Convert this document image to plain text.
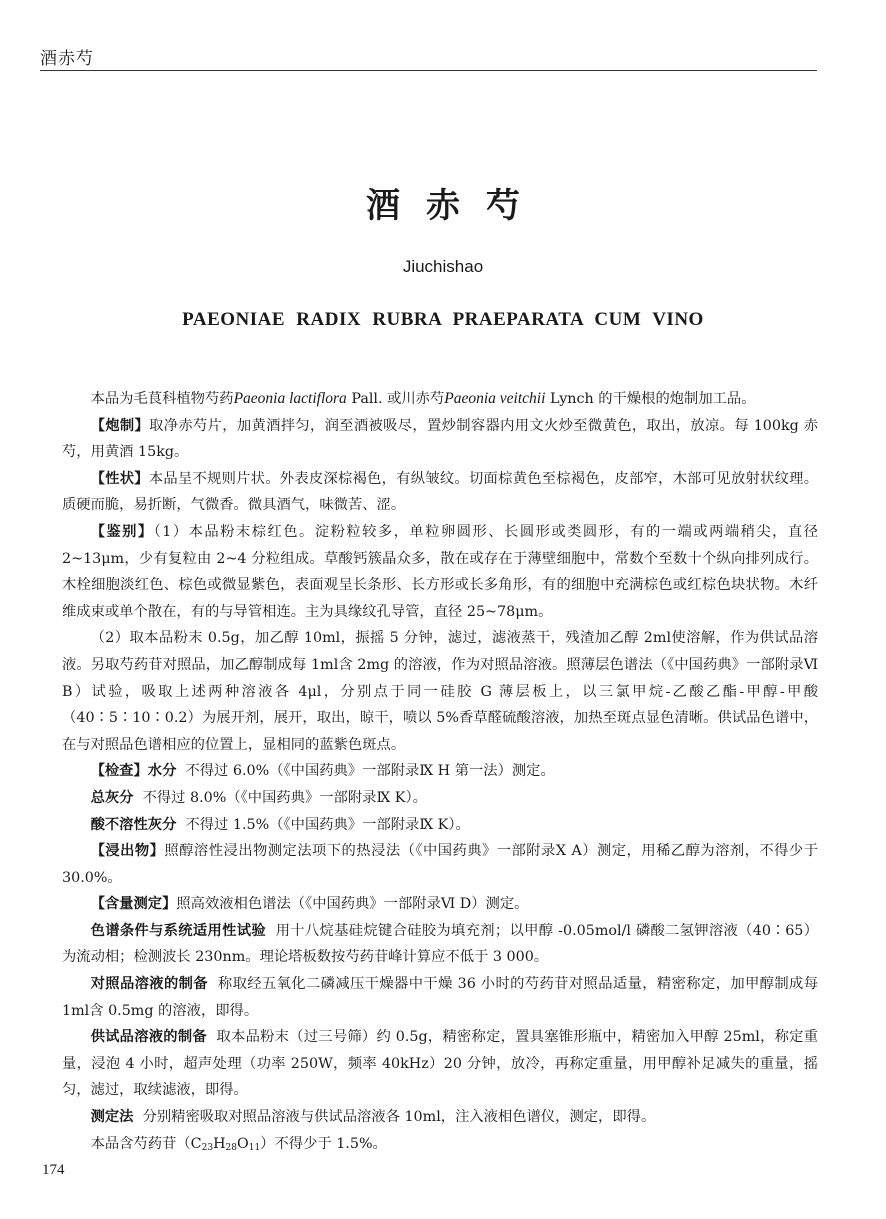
酒赤芍
酒赤芍
Jiuchishao
PAEONIAE RADIX RUBRA PRAEPARATA CUM VINO

本品为毛茛科植物芍药Paeonia lactiflora Pall. 或川赤芍Paeonia veitchii Lynch 的干燥根的炮制加工品。

【炮制】取净赤芍片，加黄酒拌匀，润至酒被吸尽，置炒制容器内用文火炒至微黄色，取出，放凉。每 100kg 赤芍，用黄酒 15kg。

【性状】本品呈不规则片状。外表皮深棕褐色，有纵皱纹。切面棕黄色至棕褐色，皮部窄，木部可见放射状纹理。质硬而脆，易折断，气微香。微具酒气，味微苦、涩。

【鉴别】（1）本品粉末棕红色。淀粉粒较多，单粒卵圆形、长圆形或类圆形，有的一端或两端稍尖，直径 2~13μm，少有复粒由 2~4 分粒组成。草酸钙簇晶众多，散在或存在于薄壁细胞中，常数个至数十个纵向排列成行。木栓细胞淡红色、棕色或微显紫色，表面观呈长条形、长方形或长多角形，有的细胞中充满棕色或红棕色块状物。木纤维成束或单个散在，有的与导管相连。主为具缘纹孔导管，直径 25~78μm。

（2）取本品粉末 0.5g，加乙醇 10ml，振摇 5 分钟，滤过，滤液蒸干，残渣加乙醇 2ml使溶解，作为供试品溶液。另取芍药苷对照品，加乙醇制成每 1ml含 2mg 的溶液，作为对照品溶液。照薄层色谱法（《中国药典》一部附录Ⅵ B）试验，吸取上述两种溶液各 4μl，分别点于同一硅胶 G 薄层板上，以三氯甲烷-乙酸乙酯-甲醇-甲酸（40∶5∶10∶0.2）为展开剂，展开，取出，晾干，喷以 5%香草醛硫酸溶液，加热至斑点显色清晰。供试品色谱中，在与对照品色谱相应的位置上，显相同的蓝紫色斑点。

【检查】水分 不得过 6.0%（《中国药典》一部附录Ⅸ H 第一法）测定。

总灰分 不得过 8.0%（《中国药典》一部附录Ⅸ K）。

酸不溶性灰分 不得过 1.5%（《中国药典》一部附录Ⅸ K）。

【浸出物】照醇溶性浸出物测定法项下的热浸法（《中国药典》一部附录Ⅹ A）测定，用稀乙醇为溶剂，不得少于 30.0%。

【含量测定】照高效液相色谱法（《中国药典》一部附录Ⅵ D）测定。

色谱条件与系统适用性试验 用十八烷基硅烷键合硅胶为填充剂；以甲醇 -0.05mol/l 磷酸二氢钾溶液（40∶65）为流动相；检测波长 230nm。理论塔板数按芍药苷峰计算应不低于 3 000。

对照品溶液的制备 称取经五氧化二磷减压干燥器中干燥 36 小时的芍药苷对照品适量，精密称定，加甲醇制成每 1ml含 0.5mg 的溶液，即得。

供试品溶液的制备 取本品粉末（过三号筛）约 0.5g，精密称定，置具塞锥形瓶中，精密加入甲醇 25ml，称定重量，浸泡 4 小时，超声处理（功率 250W，频率 40kHz）20 分钟，放冷，再称定重量，用甲醇补足减失的重量，摇匀，滤过，取续滤液，即得。

测定法 分别精密吸取对照品溶液与供试品溶液各 10ml，注入液相色谱仪，测定，即得。

本品含芍药苷$(C_{23}H_{28}O_{11})$不得少于 1.5%。

174
